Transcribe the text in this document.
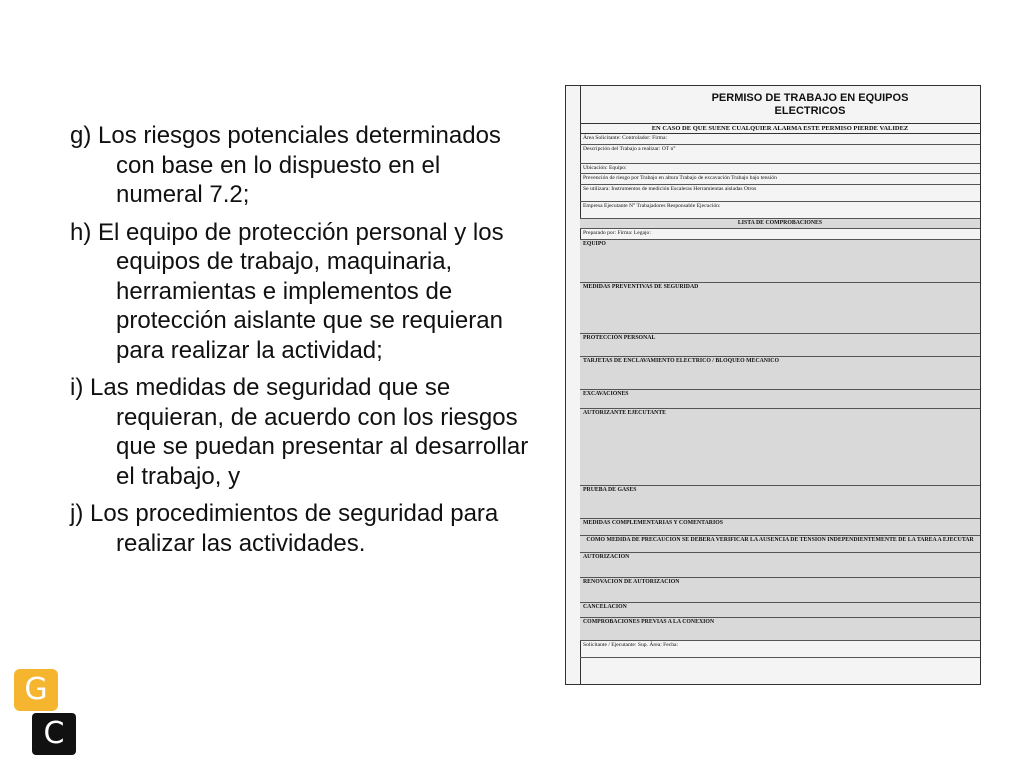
g) Los riesgos potenciales determinados con base en lo dispuesto en el numeral 7.2;
h) El equipo de protección personal y los equipos de trabajo, maquinaria, herramientas e implementos de protección aislante que se requieran para realizar la actividad;
i) Las medidas de seguridad que se requieran, de acuerdo con los riesgos que se puedan presentar al desarrollar el trabajo, y
j) Los procedimientos de seguridad para realizar las actividades.
PERMISO DE TRABAJO EN EQUIPOS
ELECTRICOS
EN CASO DE QUE SUENE CUALQUIER ALARMA ESTE PERMISO PIERDE VALIDEZ
Área Solicitante: Controlador: Firma:
Descripción del Trabajo a realizar: OT n°
Ubicación: Equipo:
Prevención de riesgo por Trabajo en altura Trabajo de excavación Trabajo bajo tensión
Se utilizara: Instrumentos de medición Escaleras Herramientas aisladas Otros
Empresa Ejecutante N° Trabajadores Responsable Ejecución:
LISTA DE COMPROBACIONES
Preparado por: Firma: Legajo:
EQUIPO
MEDIDAS PREVENTIVAS DE SEGURIDAD
PROTECCIÓN PERSONAL
TARJETAS DE ENCLAVAMIENTO ELECTRICO / BLOQUEO MECANICO
EXCAVACIONES
AUTORIZANTE EJECUTANTE
PRUEBA DE GASES
MEDIDAS COMPLEMENTARIAS Y COMENTARIOS
COMO MEDIDA DE PRECAUCION SE DEBERA VERIFICAR LA AUSENCIA DE TENSION INDEPENDIENTEMENTE DE LA TAREA A EJECUTAR
AUTORIZACION
RENOVACION DE AUTORIZACION
CANCELACION
COMPROBACIONES PREVIAS A LA CONEXION
Solicitante / Ejecutante: Sup. Área: Fecha:
G
C
